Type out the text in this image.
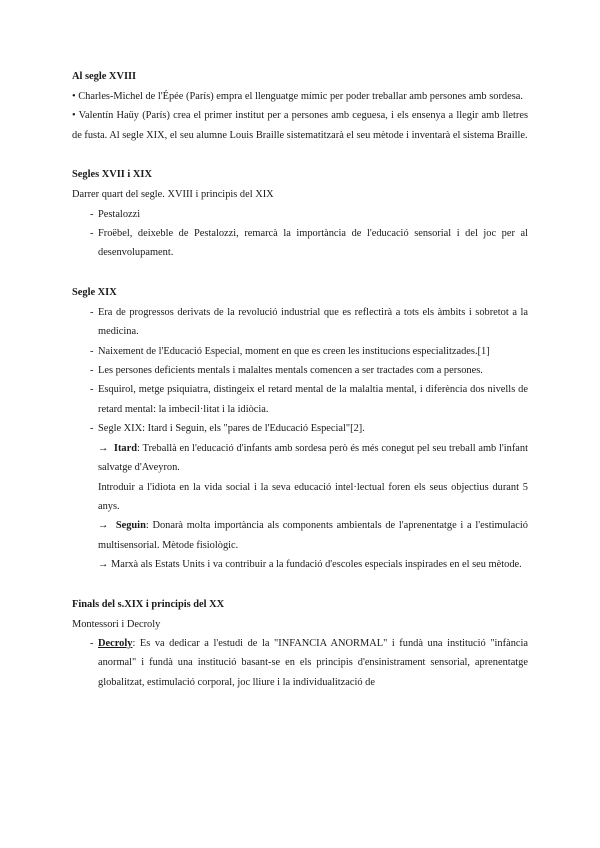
Al segle XVIII

• Charles-Michel de l'Épée (París) empra el llenguatge mímic per poder treballar amb persones amb sordesa.

• Valentín Haüy (París) crea el primer institut per a persones amb ceguesa, i els ensenya a llegir amb lletres de fusta. Al segle XIX, el seu alumne Louis Braille sistematitzarà el seu mètode i inventarà el sistema Braille.

Segles XVII i XIX

Darrer quart del segle. XVIII i principis del XIX

- Pestalozzi
- Froëbel, deixeble de Pestalozzi, remarcà la importància de l'educació sensorial i del joc per al desenvolupament.

Segle XIX

- Era de progressos derivats de la revolució industrial que es reflectirà a tots els àmbits i sobretot a la medicina.
- Naixement de l'Educació Especial, moment en que es creen les institucions especialitzades.[1]
- Les persones deficients mentals i malaltes mentals comencen a ser tractades com a persones.
- Esquirol, metge psiquiatra, distingeix el retard mental de la malaltia mental, i diferència dos nivells de retard mental: la imbecil·litat i la idiòcia.
- Segle XIX: Itard i Seguin, els "pares de l'Educació Especial"[2].
→ Itard: Treballà en l'educació d'infants amb sordesa però és més conegut pel seu treball amb l'infant salvatge d'Aveyron.
Introduir a l'idiota en la vida social i la seva educació intel·lectual foren els seus objectius durant 5 anys.
→ Seguin: Donarà molta importància als components ambientals de l'aprenentatge i a l'estimulació multisensorial. Mètode fisiològic.
→ Marxà als Estats Units i va contribuir a la fundació d'escoles especials inspirades en el seu mètode.

Finals del s.XIX i principis del XX

Montessori i Decroly

- Decroly: Es va dedicar a l'estudi de la "INFANCIA ANORMAL" i fundà una institució "infància anormal" i fundà una institució basant-se en els principis d'ensinistrament sensorial, aprenentatge globalitzat, estimulació corporal, joc lliure i la individualització de
